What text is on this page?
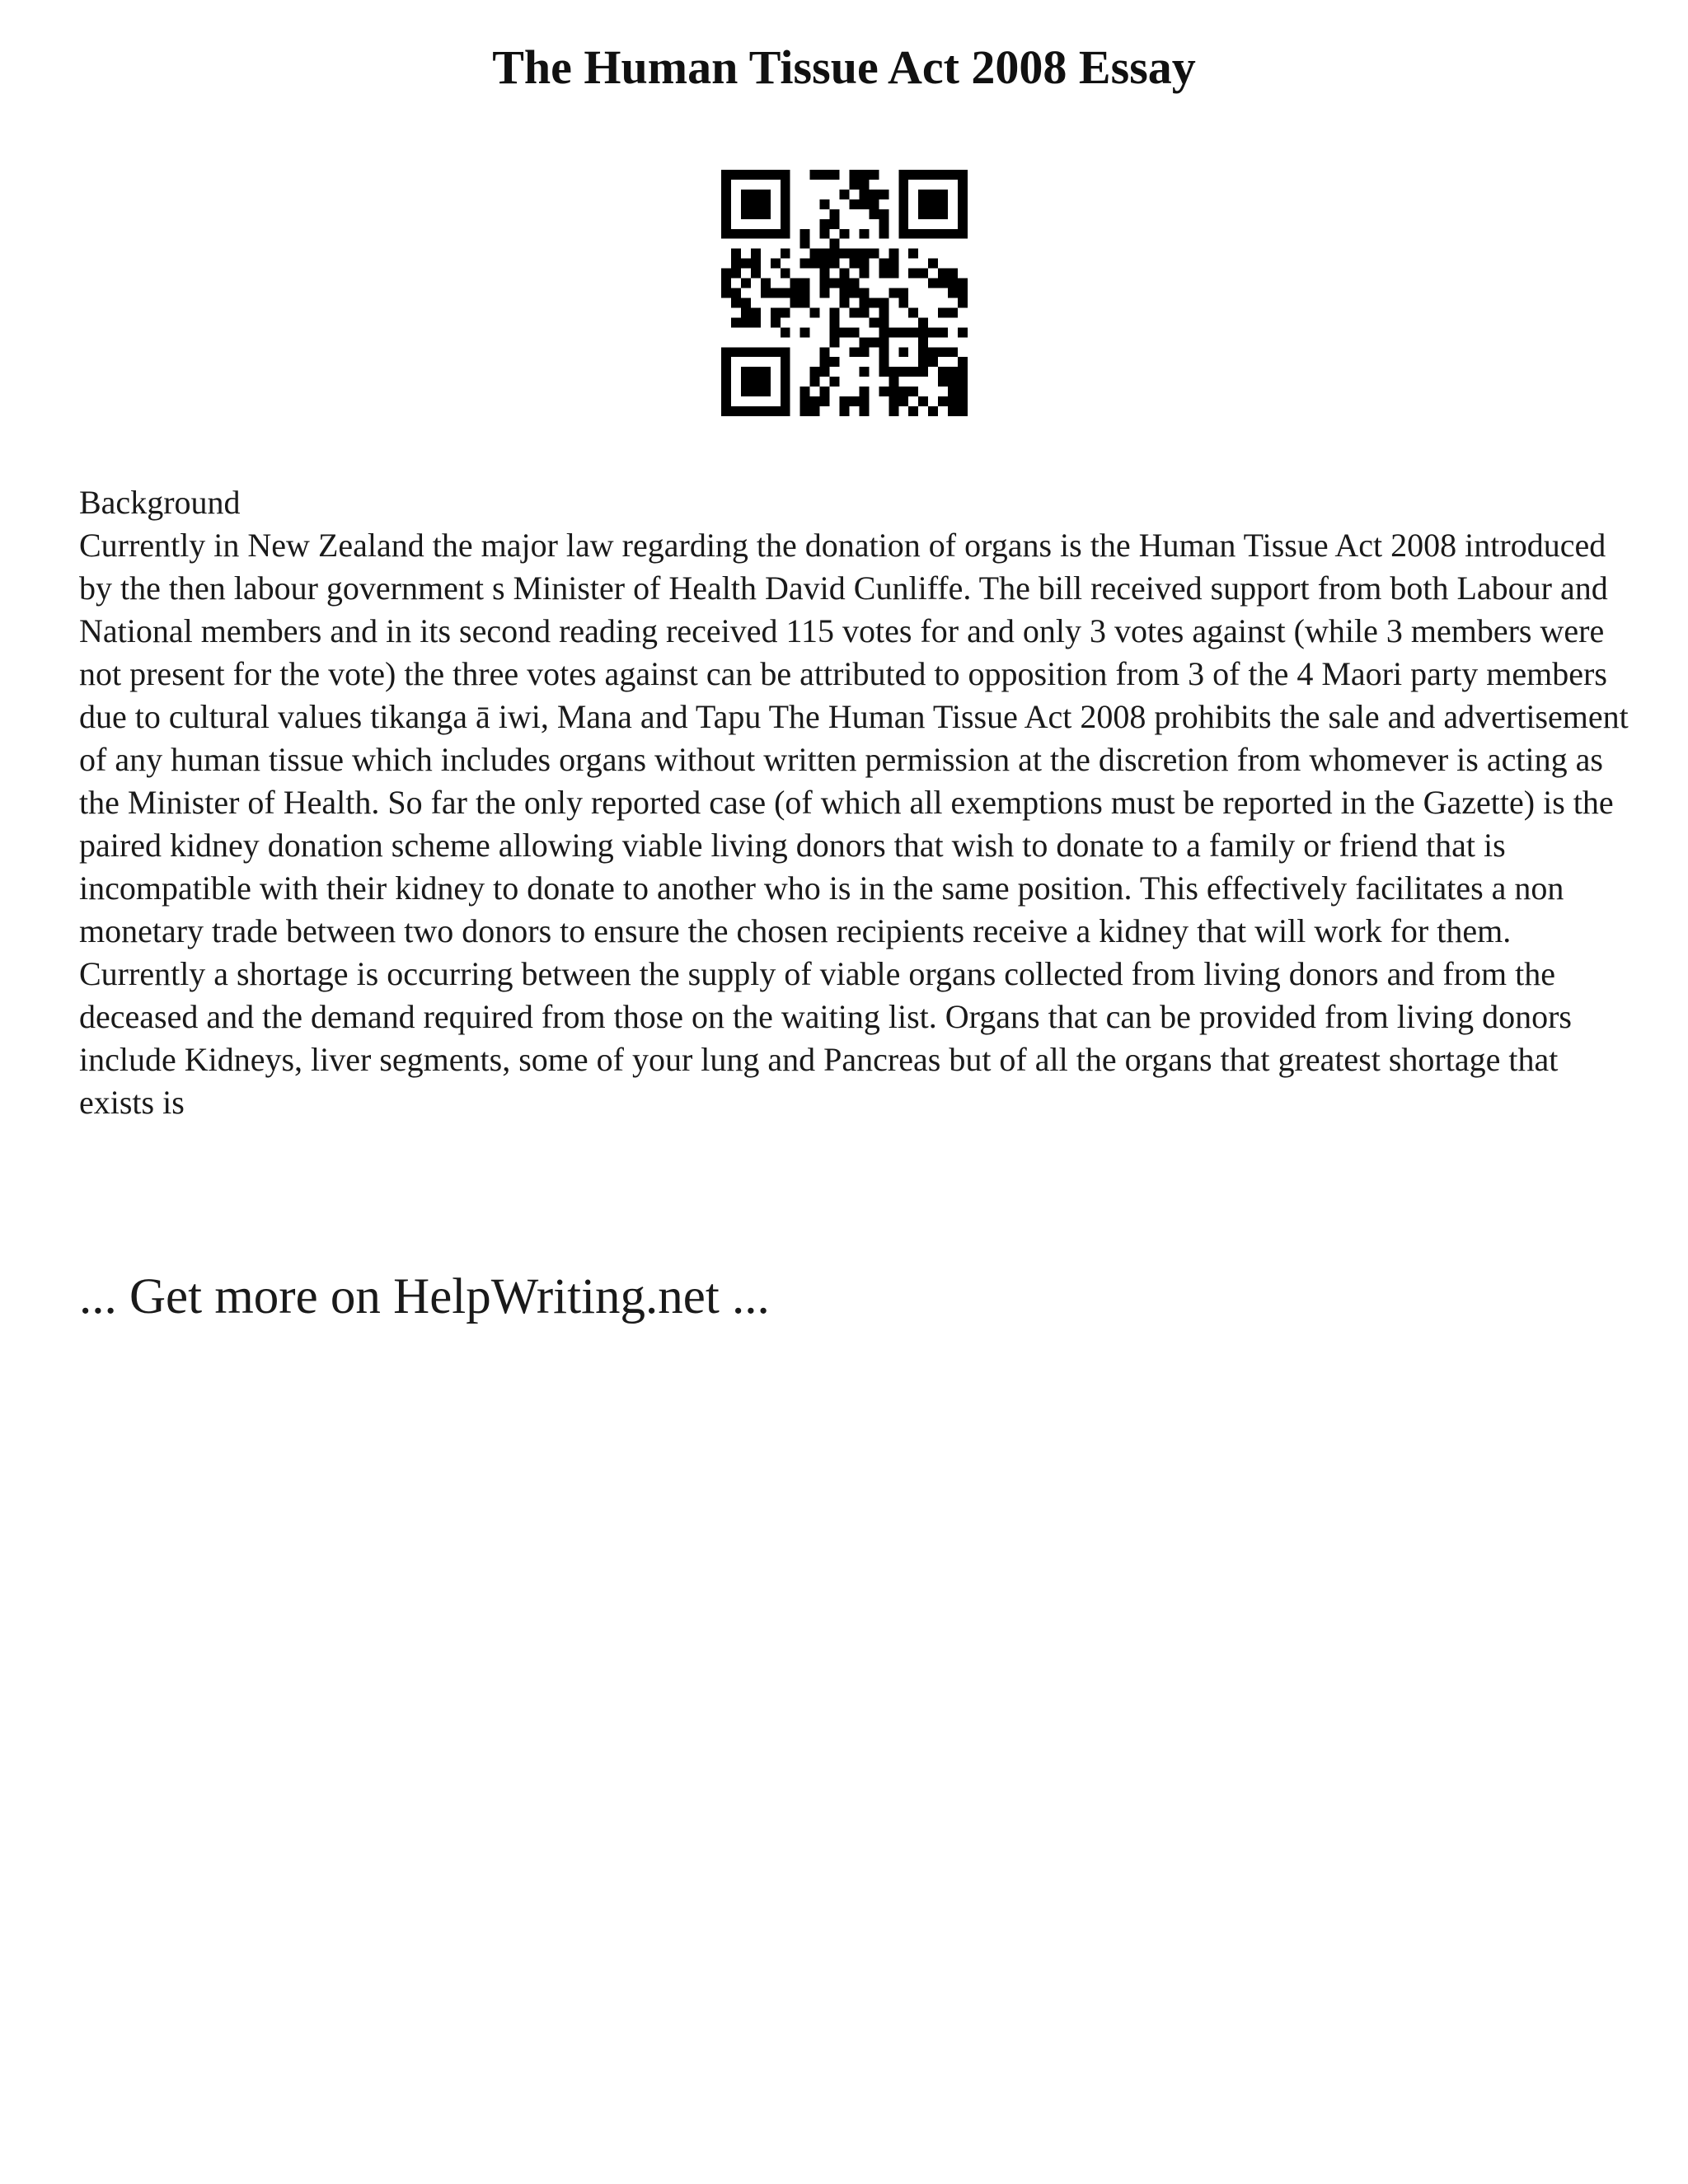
The Human Tissue Act 2008 Essay

Background

Currently in New Zealand the major law regarding the donation of organs is the Human Tissue Act 2008 introduced by the then labour government s Minister of Health David Cunliffe. The bill received support from both Labour and National members and in its second reading received 115 votes for and only 3 votes against (while 3 members were not present for the vote) the three votes against can be attributed to opposition from 3 of the 4 Maori party members due to cultural values tikanga ā iwi, Mana and Tapu The Human Tissue Act 2008 prohibits the sale and advertisement of any human tissue which includes organs without written permission at the discretion from whomever is acting as the Minister of Health. So far the only reported case (of which all exemptions must be reported in the Gazette) is the paired kidney donation scheme allowing viable living donors that wish to donate to a family or friend that is incompatible with their kidney to donate to another who is in the same position. This effectively facilitates a non monetary trade between two donors to ensure the chosen recipients receive a kidney that will work for them.

Currently a shortage is occurring between the supply of viable organs collected from living donors and from the deceased and the demand required from those on the waiting list. Organs that can be provided from living donors include Kidneys, liver segments, some of your lung and Pancreas but of all the organs that greatest shortage that exists is

... Get more on HelpWriting.net ...
